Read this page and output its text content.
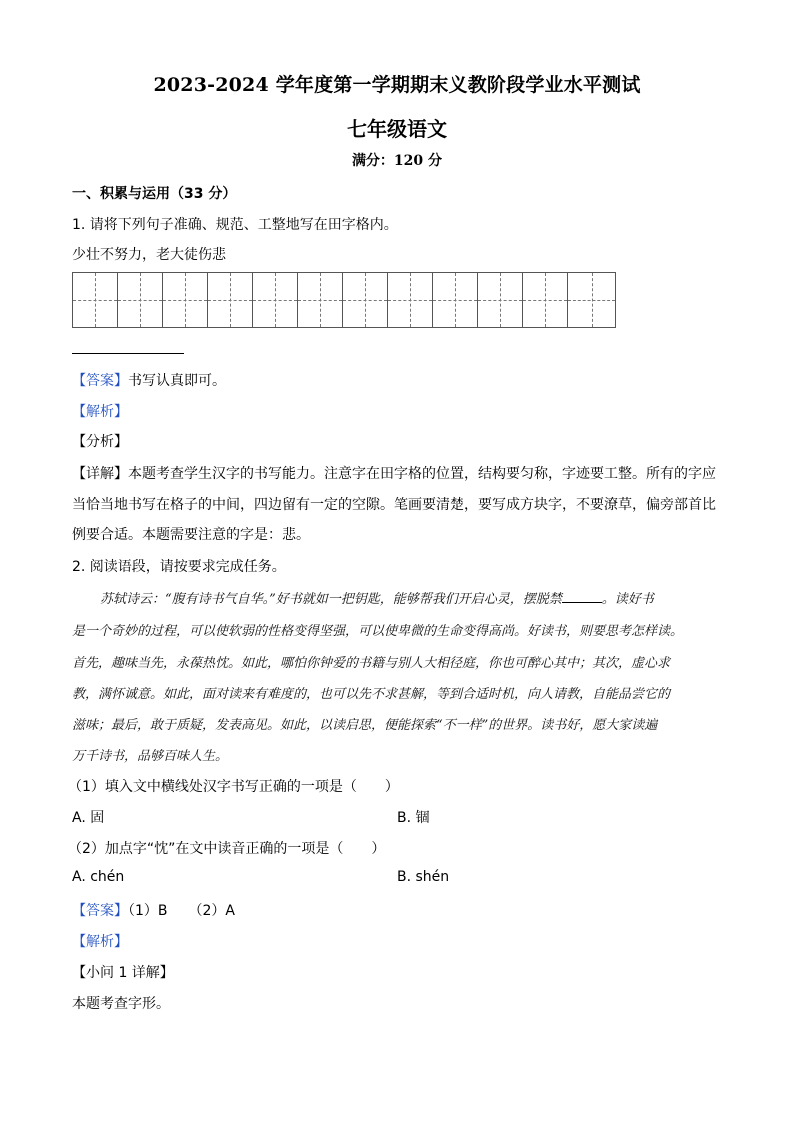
2023-2024 学年度第一学期期末义教阶段学业水平测试
七年级语文
满分：120 分
一、积累与运用（33 分）
1. 请将下列句子准确、规范、工整地写在田字格内。
少壮不努力，老大徒伤悲
【答案】书写认真即可。
【解析】
【分析】
【详解】本题考查学生汉字的书写能力。注意字在田字格的位置，结构要匀称，字迹要工整。所有的字应
当恰当地书写在格子的中间，四边留有一定的空隙。笔画要清楚，要写成方块字，不要潦草，偏旁部首比
例要合适。本题需要注意的字是：悲。
2. 阅读语段，请按要求完成任务。
苏轼诗云：“腹有诗书气自华。”好书就如一把钥匙，能够帮我们开启心灵，摆脱禁	。读好书
是一个奇妙的过程，可以使软弱的性格变得坚强，可以使卑微的生命变得高尚。好读书，则要思考怎样读。
首先，趣味当先，永葆热忱。如此，哪怕你钟爱的书籍与别人大相径庭，你也可醉心其中；其次，虚心求
教，满怀诚意。如此，面对读来有难度的，也可以先不求甚解，等到合适时机，向人请教，自能品尝它的
滋味；最后，敢于质疑，发表高见。如此，以读启思，便能探索“不一样”的世界。读书好，愿大家读遍
万千诗书，品够百味人生。
（1）填入文中横线处汉字书写正确的一项是（　　）
A. 固	B. 锢
（2）加点字“忱”在文中读音正确的一项是（　　）
A. chén	B. shén
【答案】（1）B　　（2）A
【解析】
【小问 1 详解】
本题考查字形。
